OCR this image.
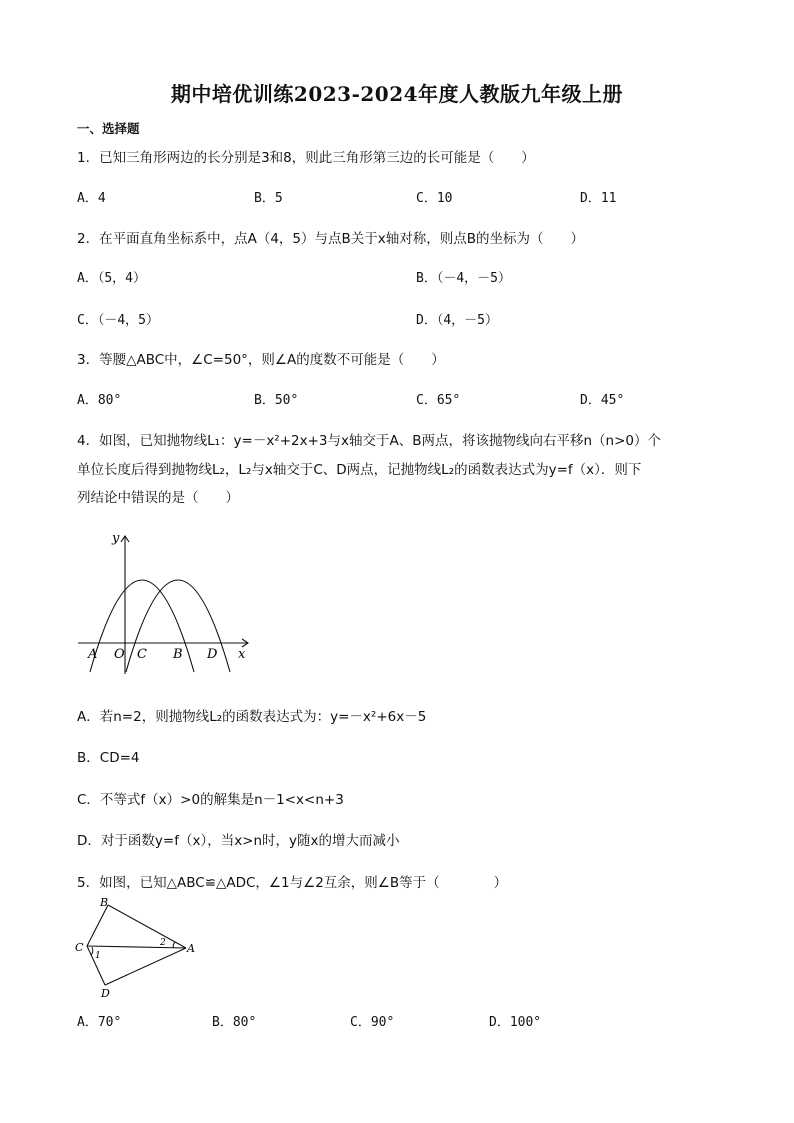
期中培优训练2023-2024年度人教版九年级上册
一、选择题
1．已知三角形两边的长分别是3和8，则此三角形第三边的长可能是（　　）
A．4	B．5	C．10	D．11
2．在平面直角坐标系中，点A（4，5）与点B关于x轴对称，则点B的坐标为（　　）
A．（5，4）	B．（－4，－5）
C．（－4，5）	D．（4，－5）
3．等腰△ABC中，∠C=50°，则∠A的度数不可能是（　　）
A．80°	B．50°	C．65°	D．45°
4．如图，已知抛物线L₁：y=－x²+2x+3与x轴交于A、B两点，将该抛物线向右平移n（n>0）个
单位长度后得到抛物线L₂，L₂与x轴交于C、D两点，记抛物线L₂的函数表达式为y=f（x）．则下
列结论中错误的是（　　）
y
x
A O C B D
A．若n=2，则抛物线L₂的函数表达式为：y=－x²+6x－5
B．CD=4
C．不等式f（x）>0的解集是n－1<x<n+3
D．对于函数y=f（x），当x>n时，y随x的增大而减小
5．如图，已知△ABC≌△ADC，∠1与∠2互余，则∠B等于（　　　　）
B
C	A
D
1
2
A．70°	B．80°	C．90°	D．100°
